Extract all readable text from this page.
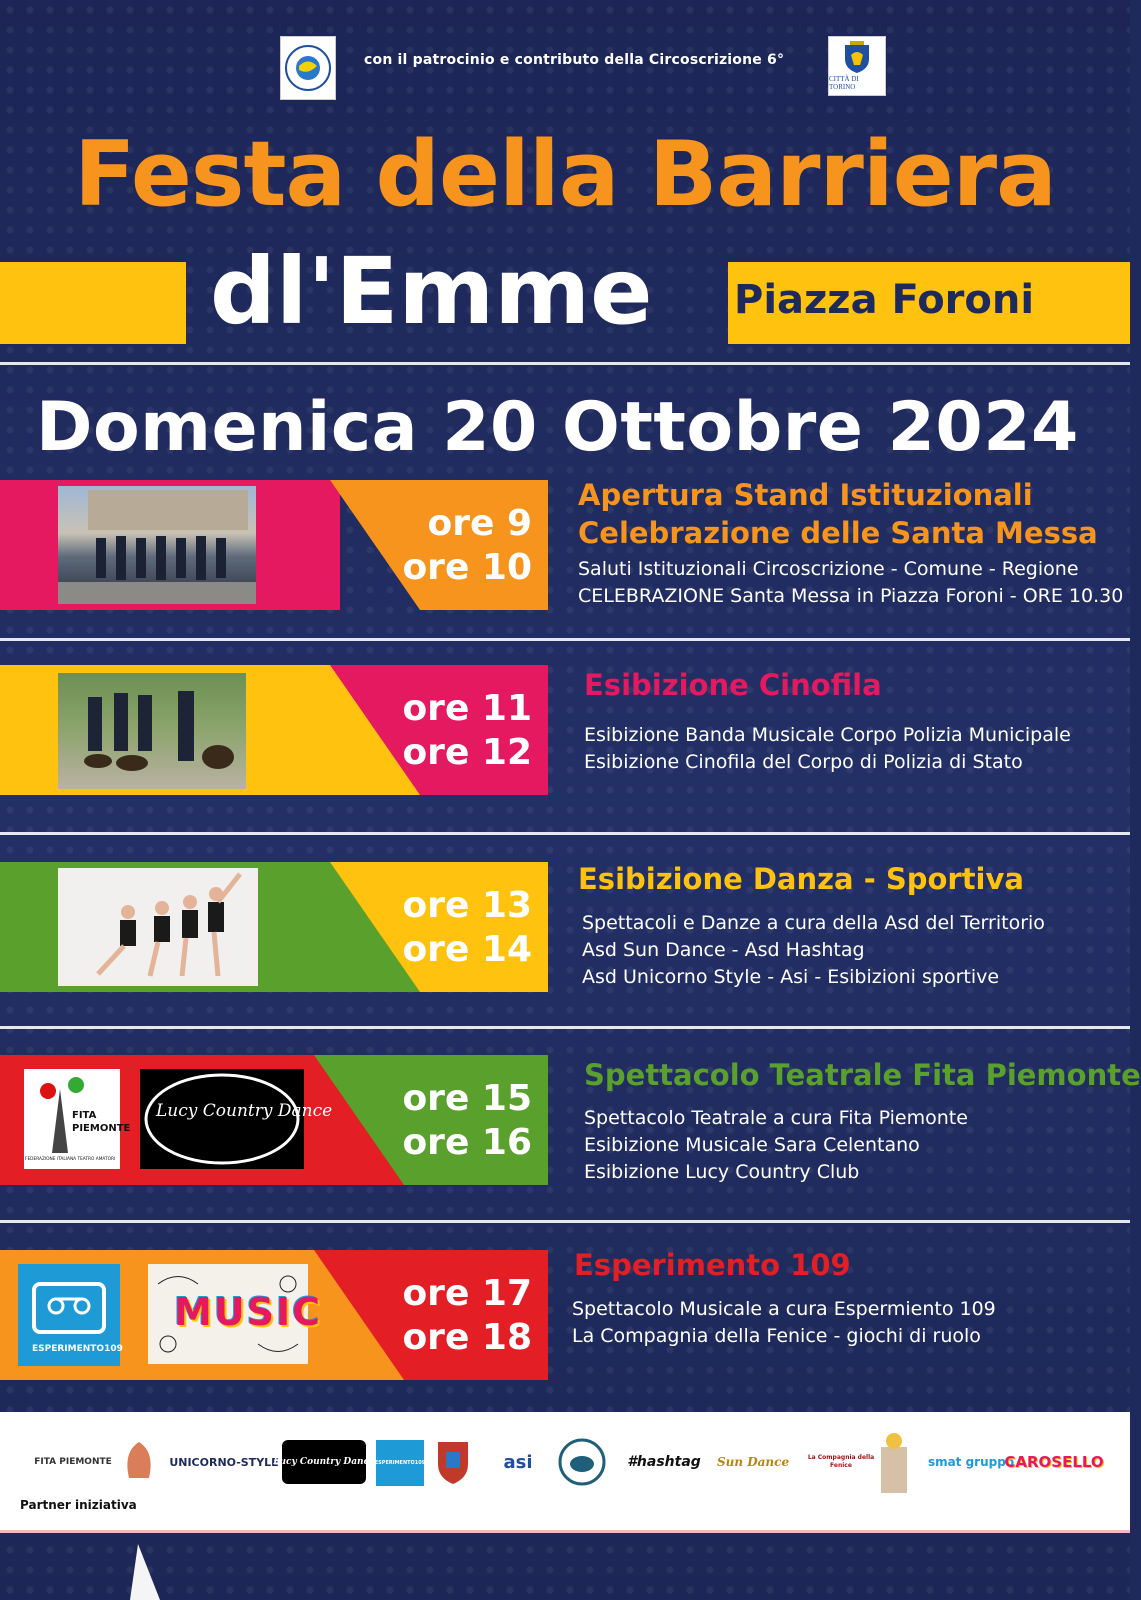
con il patrocinio e contributo della Circoscrizione 6°
CITTÀ DI TORINO
Festa della Barriera
dl'Emme Piazza Foroni
Domenica 20 Ottobre 2024
ore 9
ore 10
Apertura Stand Istituzionali
Celebrazione delle Santa Messa
Saluti Istituzionali Circoscrizione - Comune - Regione
CELEBRAZIONE Santa Messa in Piazza Foroni - ORE 10.30
ore 11
ore 12
Esibizione Cinofila
Esibizione Banda Musicale Corpo Polizia Municipale
Esibizione Cinofila del Corpo di Polizia di Stato
ore 13
ore 14
Esibizione Danza - Sportiva
Spettacoli e Danze a cura della Asd del Territorio
Asd Sun Dance - Asd Hashtag
Asd Unicorno Style - Asi - Esibizioni sportive
FITA PIEMONTE
FEDERAZIONE ITALIANA TEATRO AMATORI
Lucy Country Dance ore 15
ore 16
Spettacolo Teatrale Fita Piemonte
Spettacolo Teatrale a cura Fita Piemonte
Esibizione Musicale Sara Celentano
Esibizione Lucy Country Club
ESPERIMENTO109
MUSIC ore 17
ore 18
Esperimento 109
Spettacolo Musicale a cura Espermiento 109
La Compagnia della Fenice - giochi di ruolo
FITA PIEMONTE	UNICORNO-STYLE
Lucy Country Dance ESPERIMENTO109	asi	#hashtag Sun Dance	La Compagnia della Fenice	smat gruppo
CAROSELLO
Partner iniziativa
